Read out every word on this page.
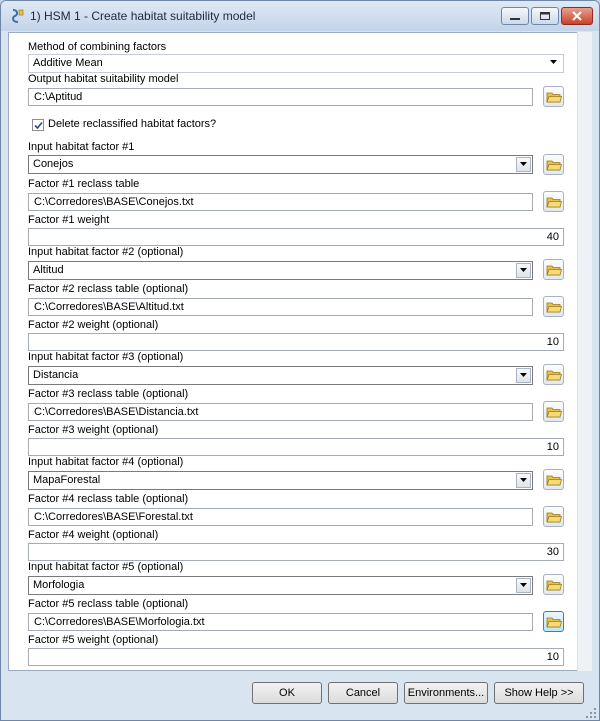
1) HSM 1 - Create habitat suitability model
Method of combining factors
Additive Mean
Output habitat suitability model
C:\Aptitud
Delete reclassified habitat factors?
Input habitat factor #1
Conejos
Factor #1 reclass table
C:\Corredores\BASE\Conejos.txt
Factor #1 weight
40
Input habitat factor #2 (optional)
Altitud
Factor #2 reclass table (optional)
C:\Corredores\BASE\Altitud.txt
Factor #2 weight (optional)
10
Input habitat factor #3 (optional)
Distancia
Factor #3 reclass table (optional)
C:\Corredores\BASE\Distancia.txt
Factor #3 weight (optional)
10
Input habitat factor #4 (optional)
MapaForestal
Factor #4 reclass table (optional)
C:\Corredores\BASE\Forestal.txt
Factor #4 weight (optional)
30
Input habitat factor #5 (optional)
Morfologia
Factor #5 reclass table (optional)
C:\Corredores\BASE\Morfologia.txt
Factor #5 weight (optional)
10
OK	Cancel	Environments...	Show Help >>
